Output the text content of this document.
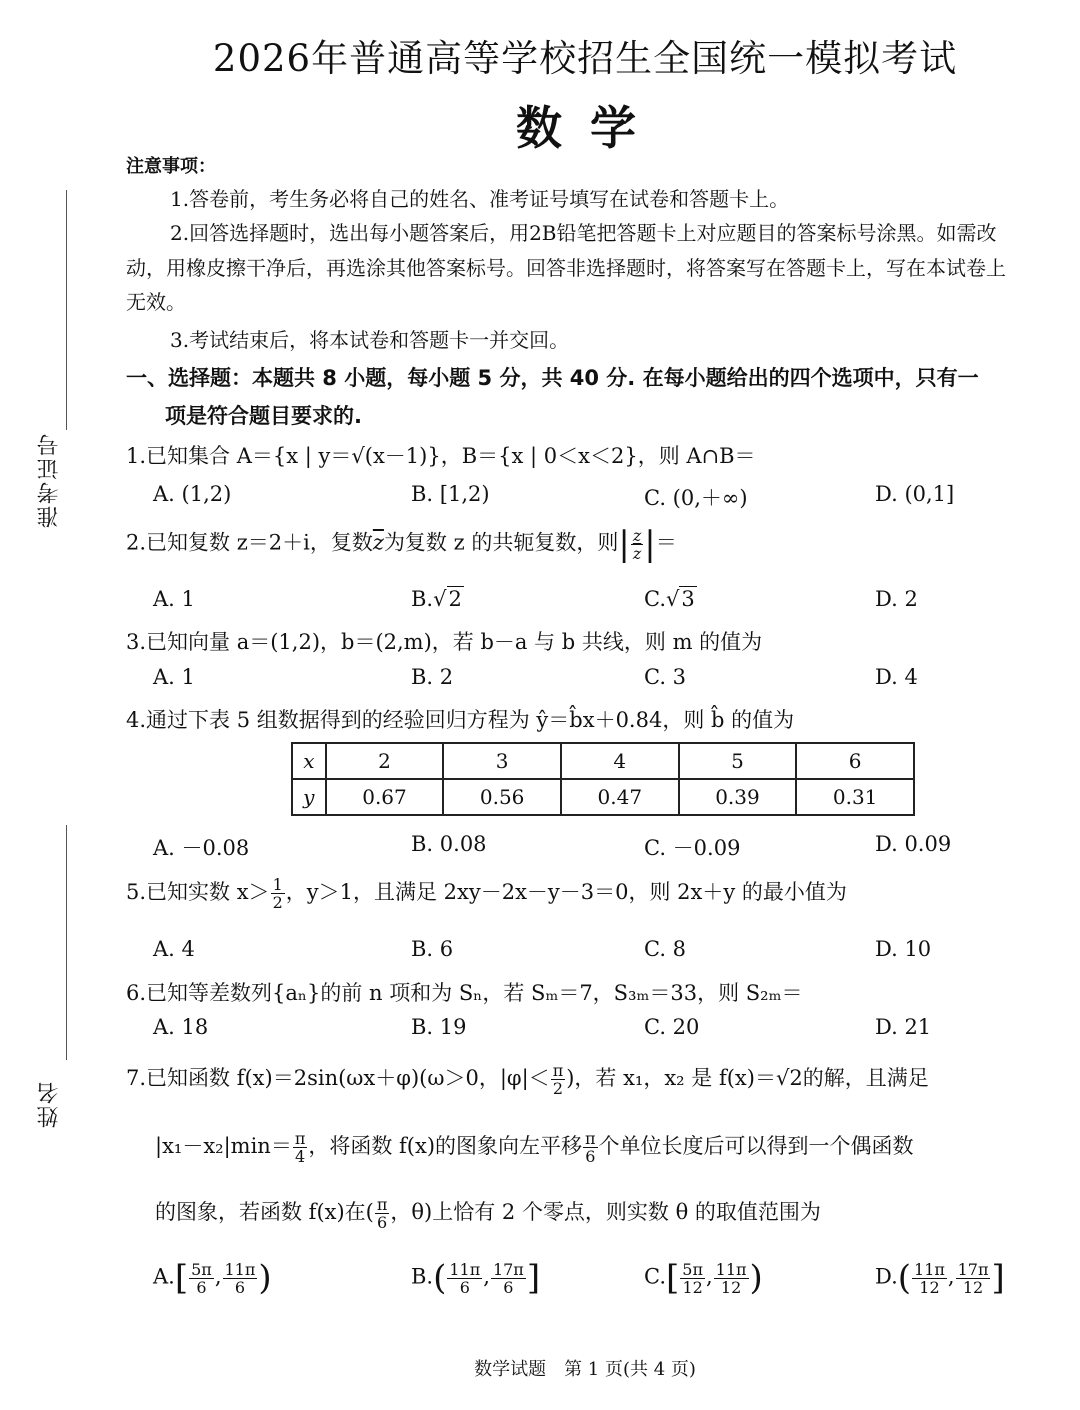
准考证号
姓名
2026年普通高等学校招生全国统一模拟考试
数学
注意事项：
1.答卷前，考生务必将自己的姓名、准考证号填写在试卷和答题卡上。
2.回答选择题时，选出每小题答案后，用2B铅笔把答题卡上对应题目的答案标号涂黑。如需改
动，用橡皮擦干净后，再选涂其他答案标号。回答非选择题时，将答案写在答题卡上，写在本试卷上
无效。
3.考试结束后，将本试卷和答题卡一并交回。
一、选择题：本题共 8 小题，每小题 5 分，共 40 分. 在每小题给出的四个选项中，只有一
项是符合题目要求的.
1.已知集合 A＝{x | y＝√(x－1)}，B＝{x | 0＜x＜2}，则 A∩B＝
A. (1,2)	B. [1,2)	C. (0,＋∞)	D. (0,1]
2.已知复数 z＝2＋i，复数$\overline{z}$为复数 z 的共轭复数，则| $\frac{z}{z}$ |＝
A. 1	B.√2	C.√3	D. 2
3.已知向量 a＝(1,2)，b＝(2,m)，若 b－a 与 b 共线，则 m 的值为
A. 1	B. 2	C. 3	D. 4
4.通过下表 5 组数据得到的经验回归方程为 ŷ＝b̂x＋0.84，则 b̂ 的值为
x	2	3	4	5	6
y	0.67	0.56	0.47	0.39	0.31
A. －0.08	B. 0.08	C. －0.09	D. 0.09
5.已知实数 $x> \frac{1}{2}$ ，y＞1，且满足 2xy－2x－y－3＝0，则 2x＋y 的最小值为
A. 4	B. 6	C. 8	D. 10
6.已知等差数列{aₙ}的前 n 项和为 Sₙ，若 Sₘ＝7，S₃ₘ＝33，则 S₂ₘ＝
A. 18	B. 19	C. 20	D. 21
7.已知函数 f(x)＝2sin(ωx＋φ)(ω＞0，$|\varphi|< \frac{\pi}{2}$ )，若 x₁，x₂ 是 f(x)＝√2的解，且满足
$|x_1-x_2|\min= \frac{\pi}{4}$ ，将函数 f(x)的图象向左平移 $\frac{\pi}{6}$ 个单位长度后可以得到一个偶函数
的图象，若函数 f(x)在( $\frac{\pi}{6}$ ，θ)上恰有 2 个零点，则实数 θ 的取值范围为
$A.[ \frac{5\pi}{6}$ , $\frac{11\pi}{6}$ )	$B.( \frac{11\pi}{6}$ , $\frac{17\pi}{6}$ ]	$C.[ \frac{5\pi}{12}$ , $\frac{11\pi}{12}$ )	$D.( \frac{11\pi}{12}$ , $\frac{17\pi}{12}$ ]
数学试题　第 1 页(共 4 页)
